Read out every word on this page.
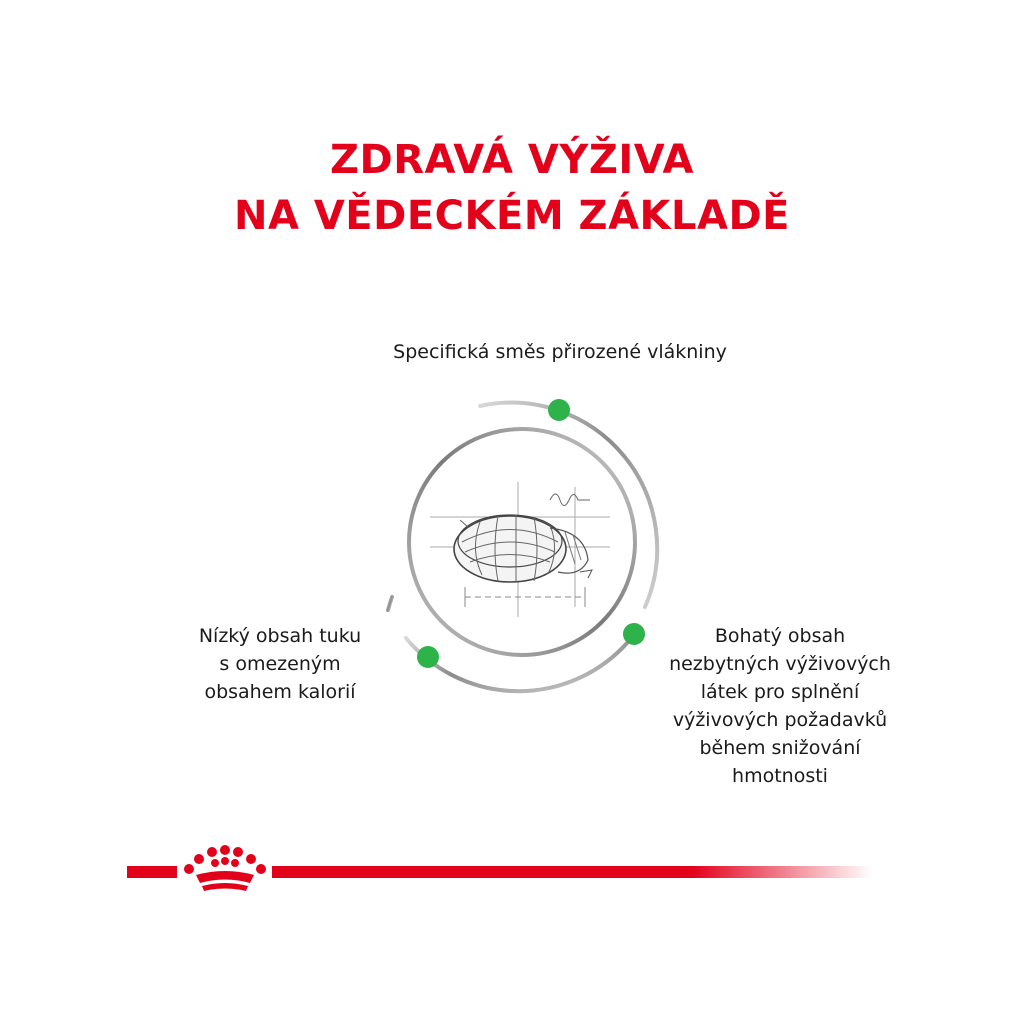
ZDRAVÁ VÝŽIVA
NA VĚDECKÉM ZÁKLADĚ
Specifická směs přirozené vlákniny
Nízký obsah tuku
s omezeným
obsahem kalorií
Bohatý obsah
nezbytných výživových
látek pro splnění
výživových požadavků
během snižování
hmotnosti
